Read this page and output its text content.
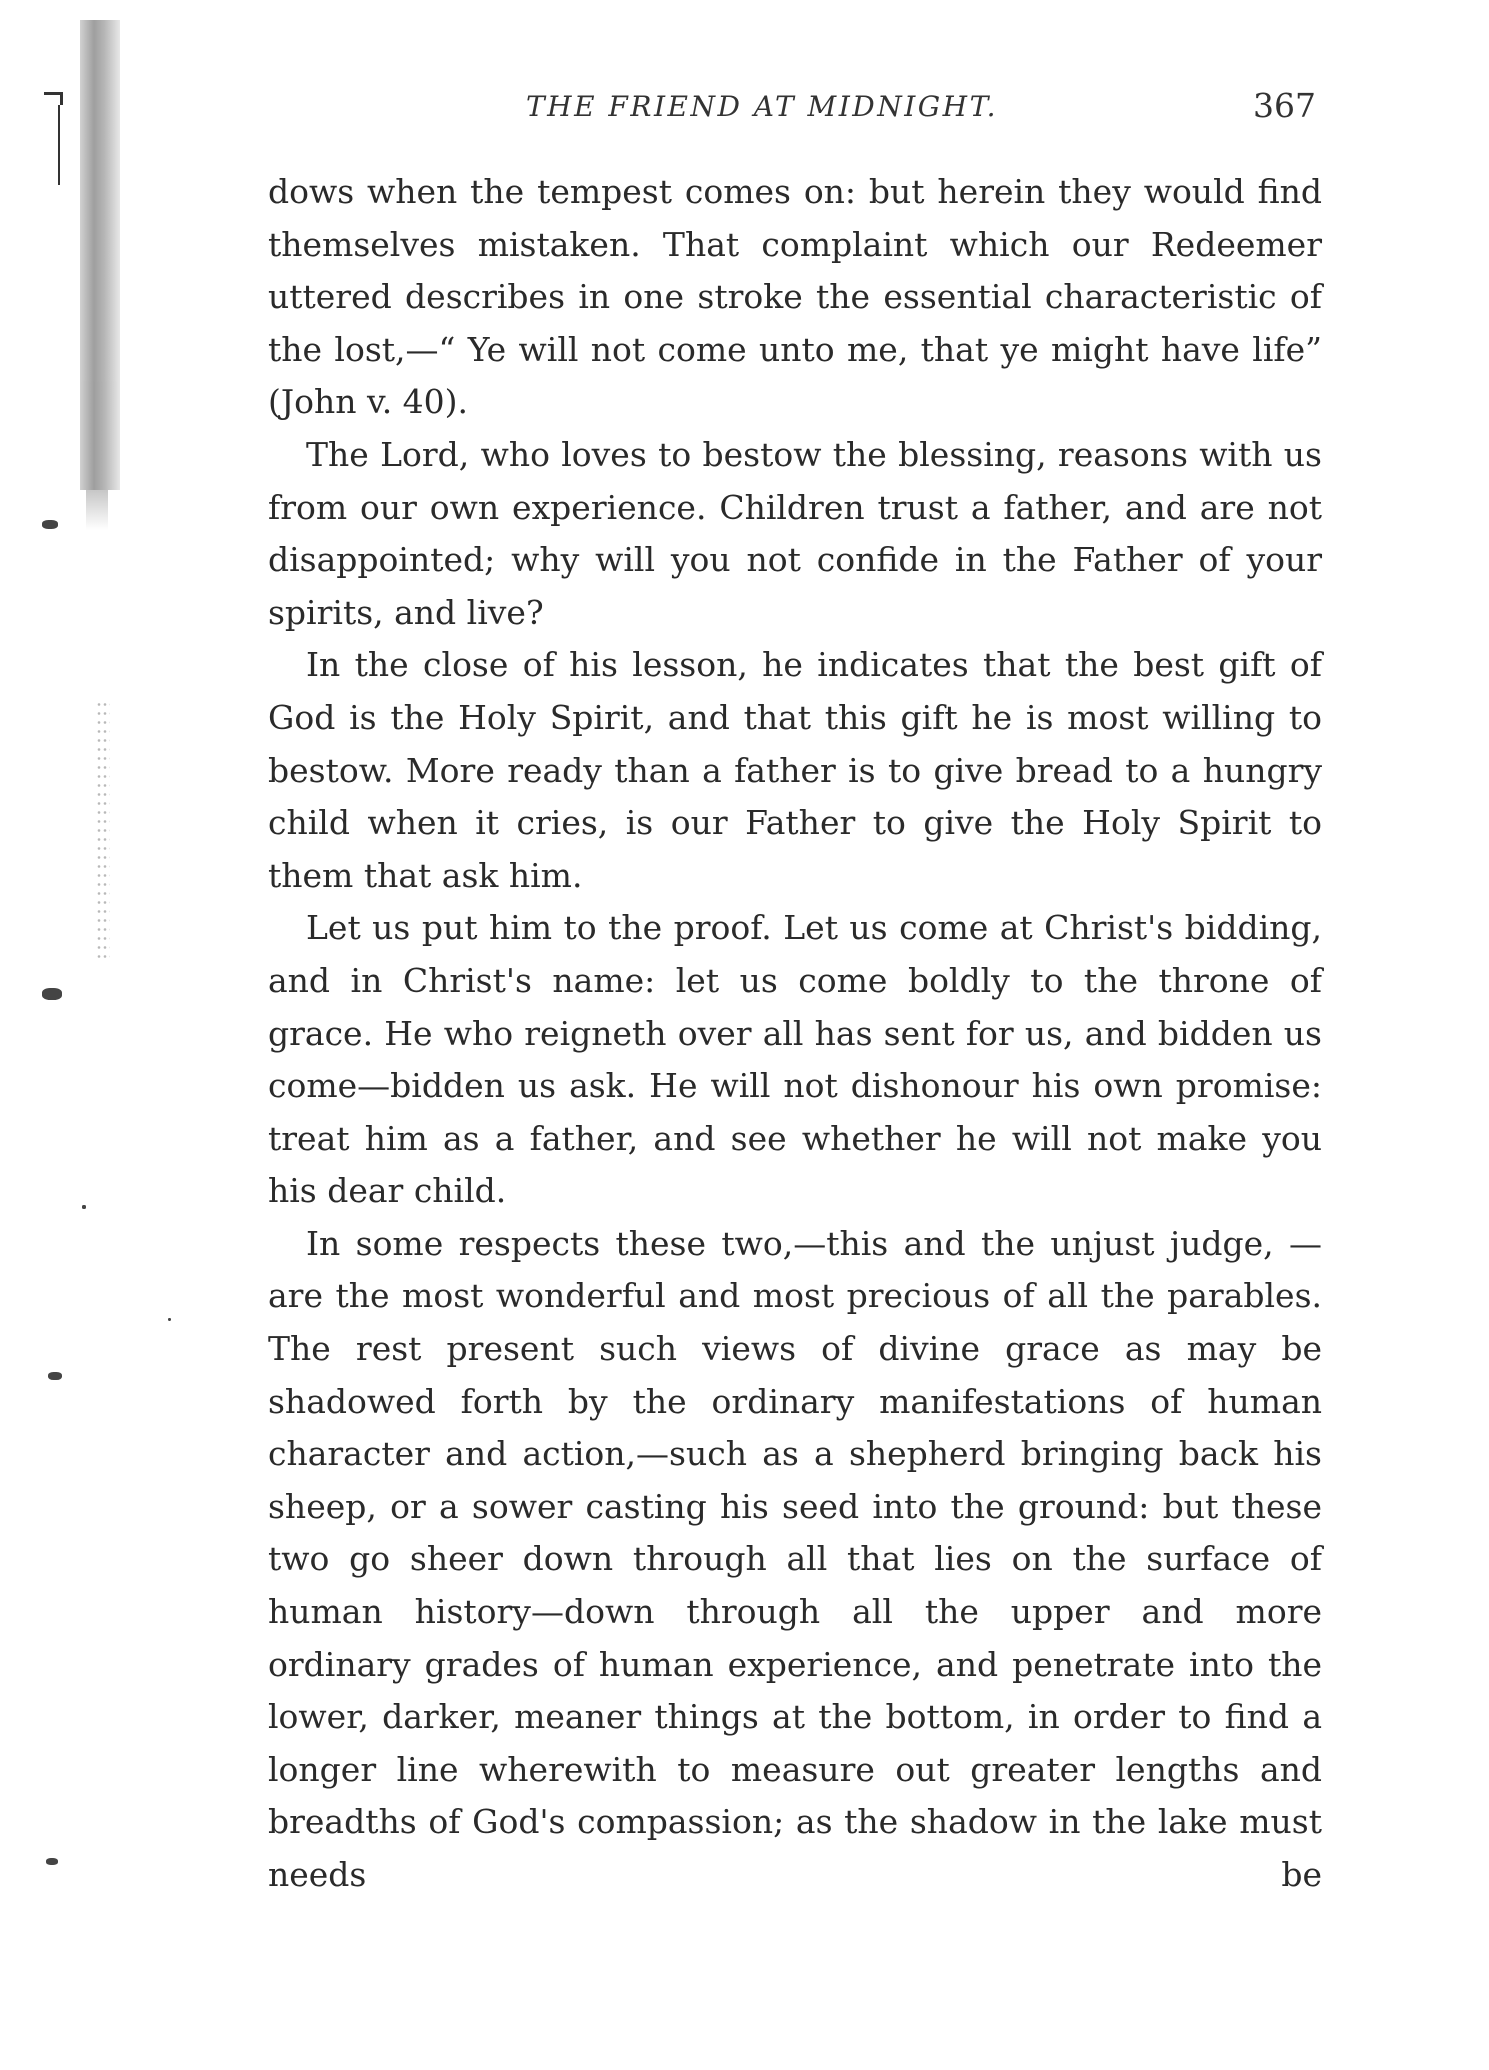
THE FRIEND AT MIDNIGHT.	367

dows when the tempest comes on: but herein they would find themselves mistaken. That complaint which our Redeemer uttered describes in one stroke the essential characteristic of the lost,—“ Ye will not come unto me, that ye might have life” (John v. 40).

The Lord, who loves to bestow the blessing, reasons with us from our own experience. Children trust a father, and are not disappointed; why will you not confide in the Father of your spirits, and live?

In the close of his lesson, he indicates that the best gift of God is the Holy Spirit, and that this gift he is most willing to bestow. More ready than a father is to give bread to a hungry child when it cries, is our Father to give the Holy Spirit to them that ask him.

Let us put him to the proof. Let us come at Christ's bidding, and in Christ's name: let us come boldly to the throne of grace. He who reigneth over all has sent for us, and bidden us come—bidden us ask. He will not dishonour his own promise: treat him as a father, and see whether he will not make you his dear child.

In some respects these two,—this and the unjust judge, —are the most wonderful and most precious of all the parables. The rest present such views of divine grace as may be shadowed forth by the ordinary manifestations of human character and action,—such as a shepherd bringing back his sheep, or a sower casting his seed into the ground: but these two go sheer down through all that lies on the surface of human history—down through all the upper and more ordinary grades of human experience, and penetrate into the lower, darker, meaner things at the bottom, in order to find a longer line wherewith to measure out greater lengths and breadths of God's compassion; as the shadow in the lake must needs be
